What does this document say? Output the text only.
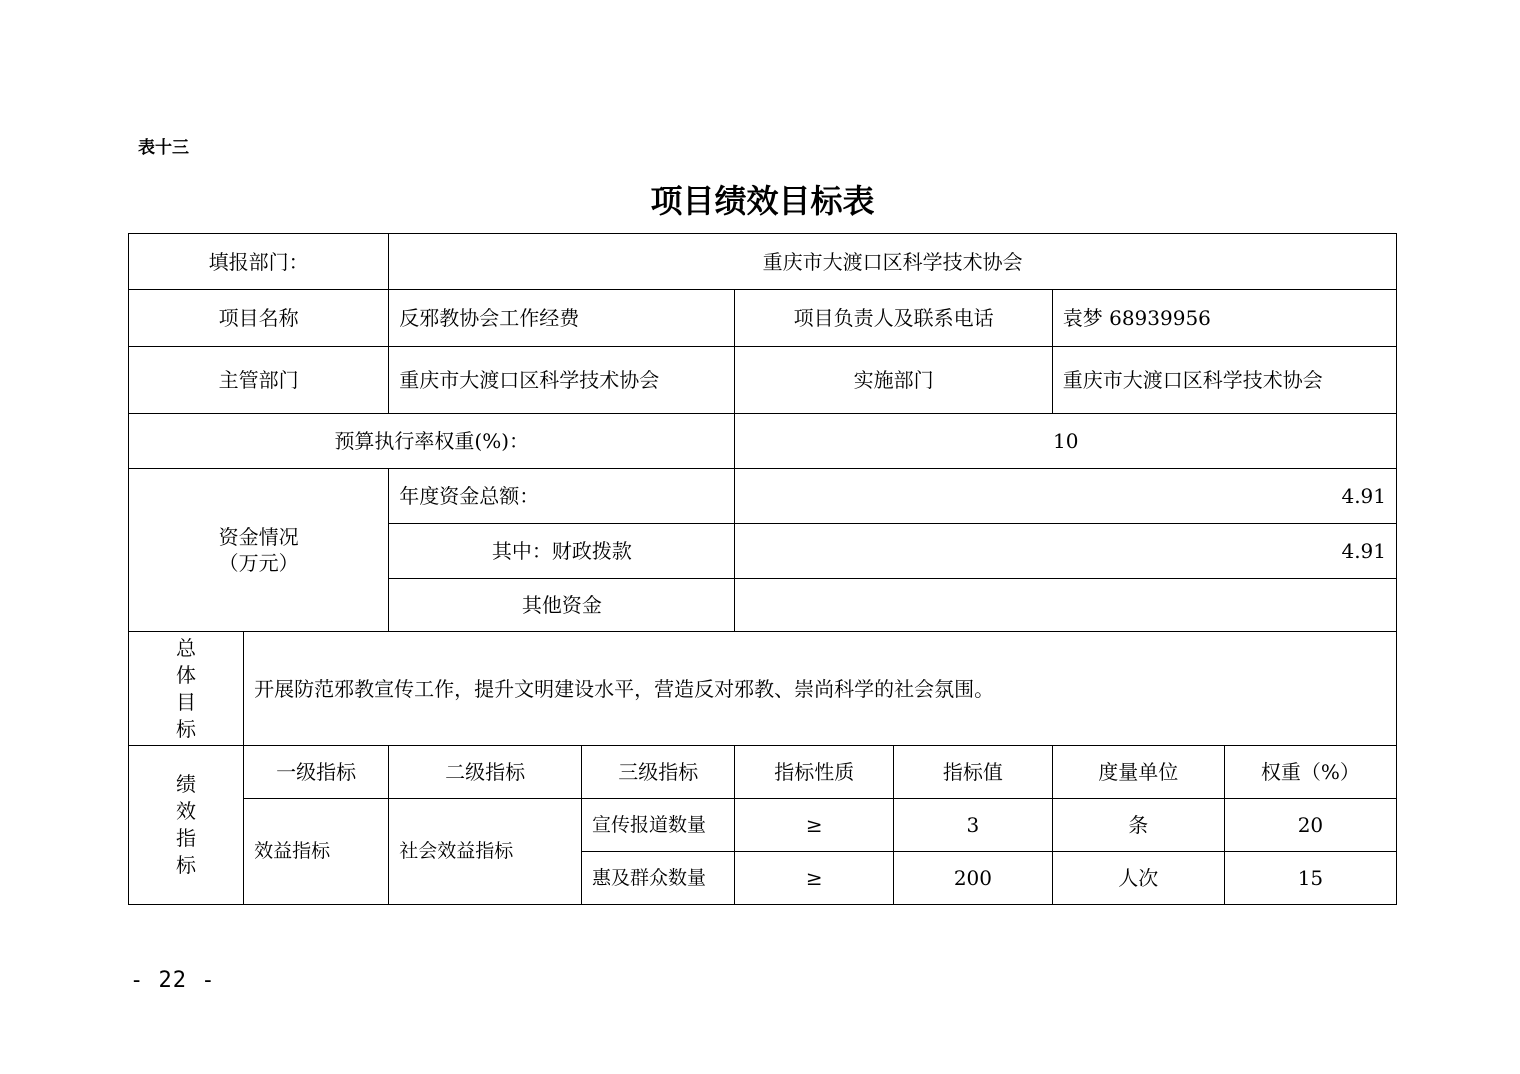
表十三
项目绩效目标表
填报部门：		重庆市大渡口区科学技术协会					
项目名称		反邪教协会工作经费		项目负责人及联系电话		袁梦 68939956	
主管部门		重庆市大渡口区科学技术协会		实施部门		重庆市大渡口区科学技术协会	
预算执行率权重(%)：				10			

资金情况
（万元）		年度资金总额：		4.91			
		其中：财政拨款		4.91			
		其他资金					

总
体
目
标	开展防范邪教宣传工作，提升文明建设水平，营造反对邪教、崇尚科学的社会氛围。						

绩
效
指
标	一级指标	二级指标	三级指标	指标性质	指标值	度量单位	权重（%）
	效益指标	社会效益指标	宣传报道数量	≥	3	条	20
			惠及群众数量	≥	200	人次	15
- 22 -
